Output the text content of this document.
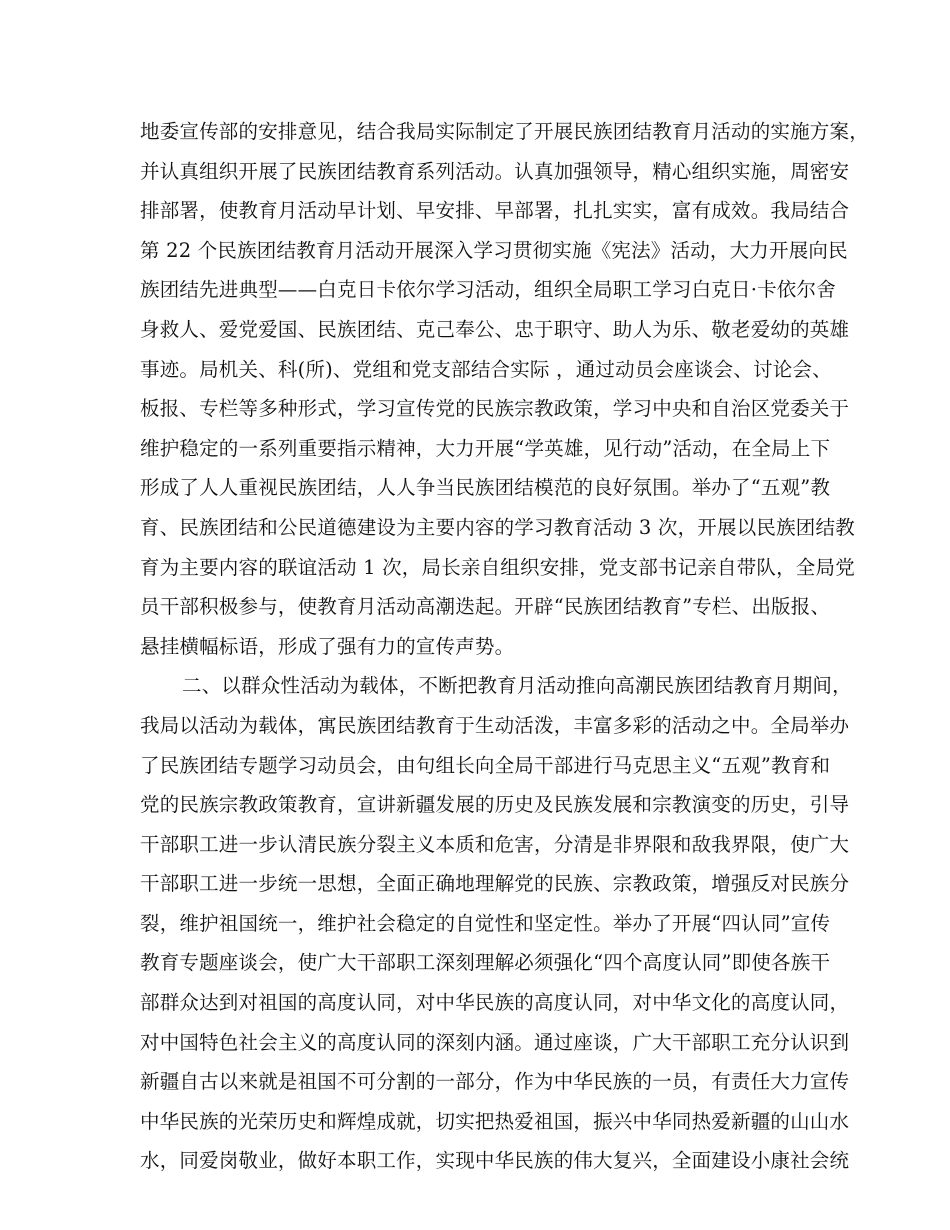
地委宣传部的安排意见，结合我局实际制定了开展民族团结教育月活动的实施方案，
并认真组织开展了民族团结教育系列活动。认真加强领导，精心组织实施，周密安
排部署，使教育月活动早计划、早安排、早部署，扎扎实实，富有成效。我局结合
第 22 个民族团结教育月活动开展深入学习贯彻实施《宪法》活动，大力开展向民
族团结先进典型——白克日卡依尔学习活动，组织全局职工学习白克日·卡依尔舍
身救人、爱党爱国、民族团结、克己奉公、忠于职守、助人为乐、敬老爱幼的英雄
事迹。局机关、科(所)、党组和党支部结合实际 ，通过动员会座谈会、讨论会、
板报、专栏等多种形式，学习宣传党的民族宗教政策，学习中央和自治区党委关于
维护稳定的一系列重要指示精神，大力开展“学英雄，见行动”活动，在全局上下
形成了人人重视民族团结，人人争当民族团结模范的良好氛围。举办了“五观”教
育、民族团结和公民道德建设为主要内容的学习教育活动 3 次，开展以民族团结教
育为主要内容的联谊活动 1 次，局长亲自组织安排，党支部书记亲自带队，全局党
员干部积极参与，使教育月活动高潮迭起。开辟“民族团结教育”专栏、出版报、
悬挂横幅标语，形成了强有力的宣传声势。
二、以群众性活动为载体，不断把教育月活动推向高潮民族团结教育月期间，
我局以活动为载体，寓民族团结教育于生动活泼，丰富多彩的活动之中。全局举办
了民族团结专题学习动员会，由句组长向全局干部进行马克思主义“五观”教育和
党的民族宗教政策教育，宣讲新疆发展的历史及民族发展和宗教演变的历史，引导
干部职工进一步认清民族分裂主义本质和危害，分清是非界限和敌我界限，使广大
干部职工进一步统一思想，全面正确地理解党的民族、宗教政策，增强反对民族分
裂，维护祖国统一，维护社会稳定的自觉性和坚定性。举办了开展“四认同”宣传
教育专题座谈会，使广大干部职工深刻理解必须强化“四个高度认同”即使各族干
部群众达到对祖国的高度认同，对中华民族的高度认同，对中华文化的高度认同，
对中国特色社会主义的高度认同的深刻内涵。通过座谈，广大干部职工充分认识到
新疆自古以来就是祖国不可分割的一部分，作为中华民族的一员，有责任大力宣传
中华民族的光荣历史和辉煌成就，切实把热爱祖国，振兴中华同热爱新疆的山山水
水，同爱岗敬业，做好本职工作，实现中华民族的伟大复兴，全面建设小康社会统
